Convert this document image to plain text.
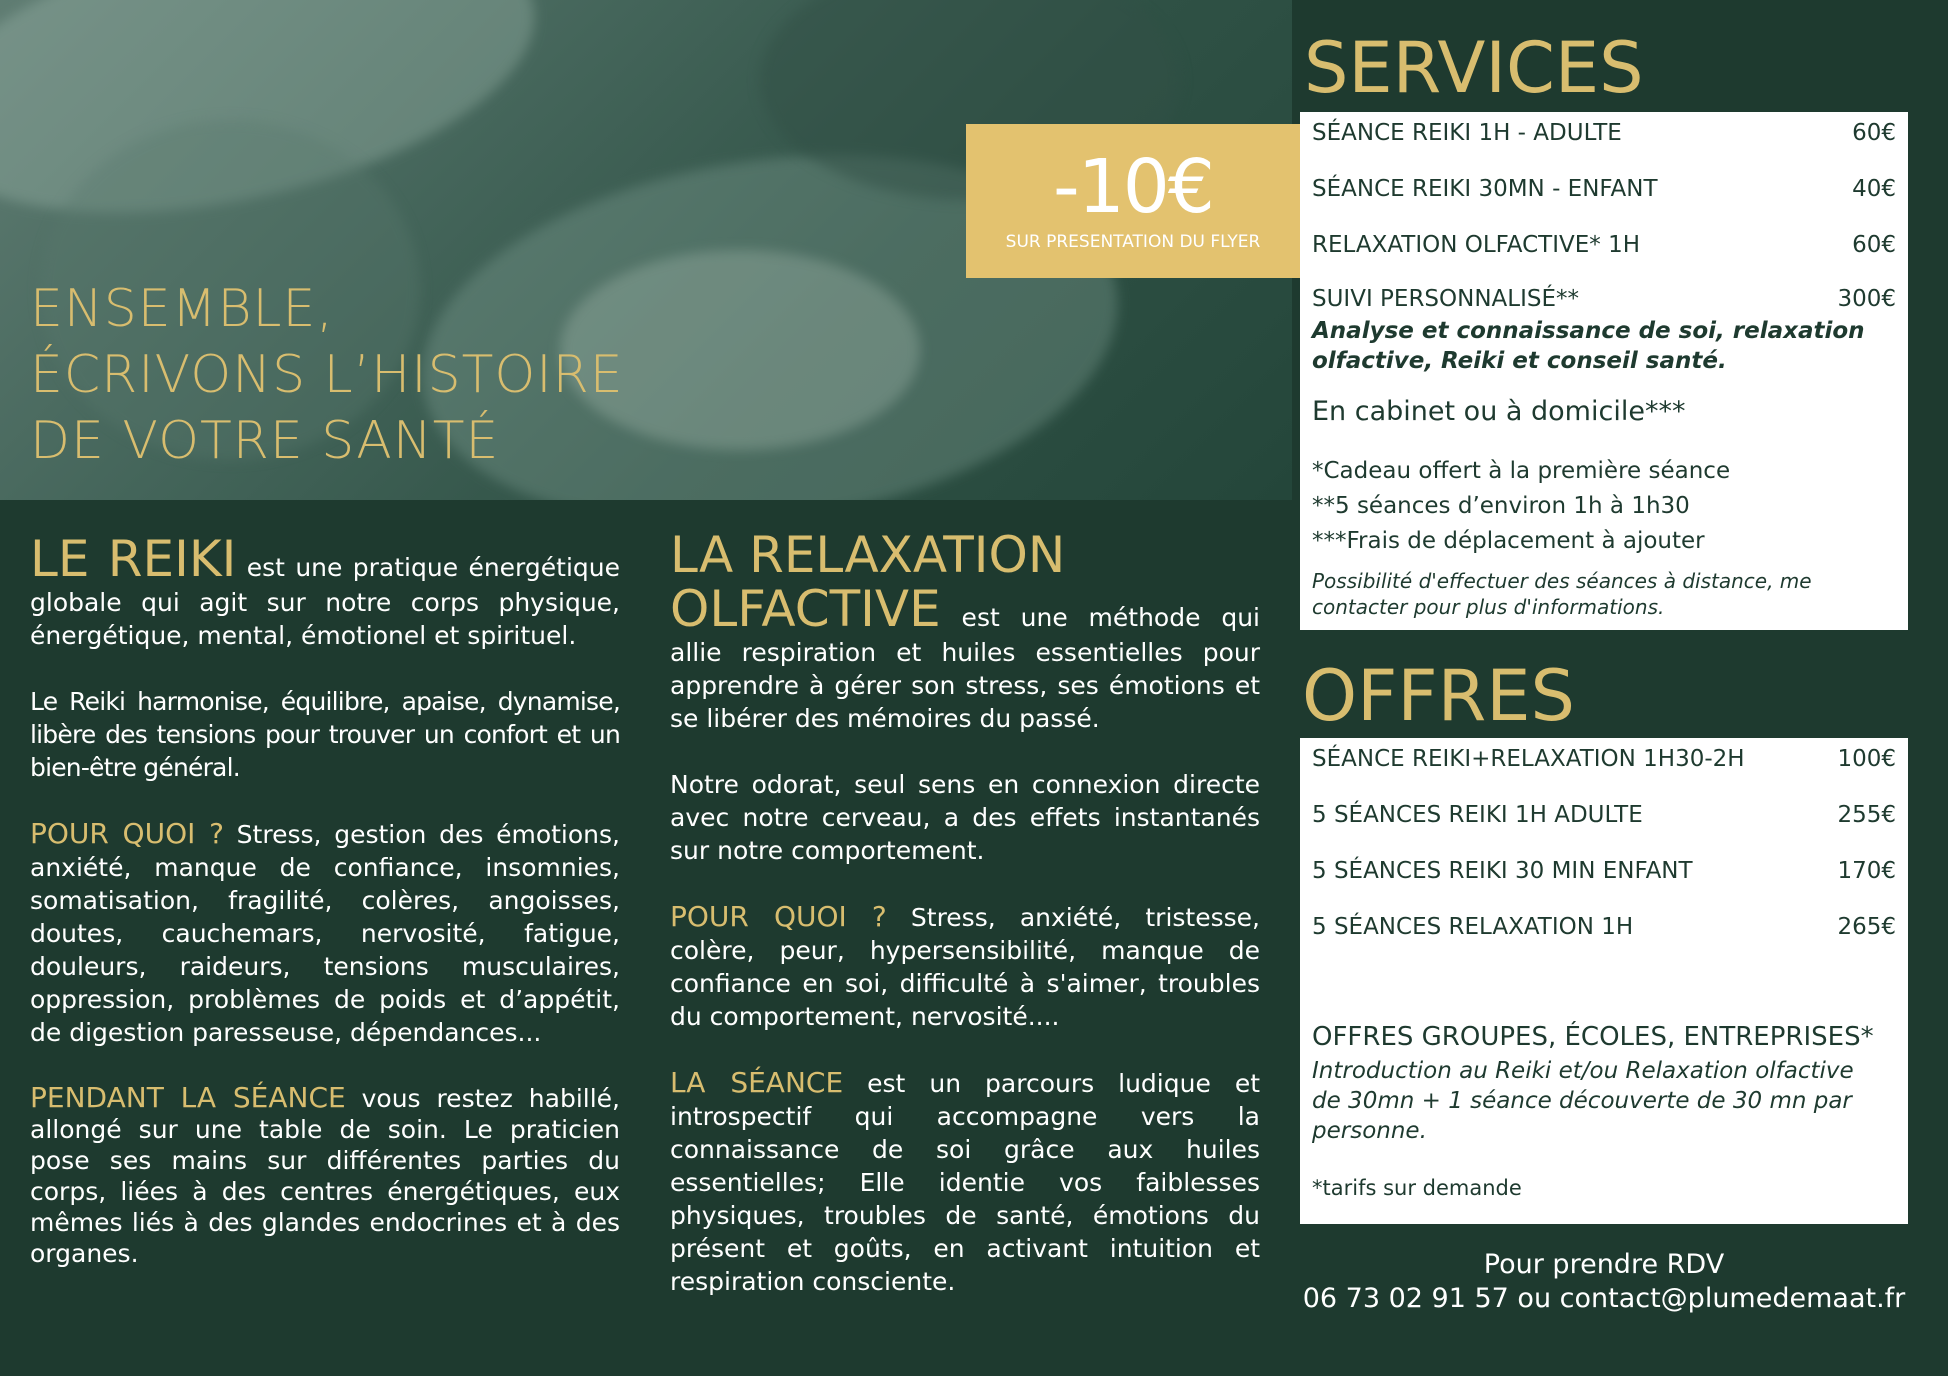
ENSEMBLE,
ÉCRIVONS L’HISTOIRE
DE VOTRE SANTÉ
-10€
SUR PRESENTATION DU FLYER
SERVICES
SÉANCE REIKI 1H - ADULTE	60€
SÉANCE REIKI 30MN - ENFANT	40€
RELAXATION OLFACTIVE* 1H	60€
SUIVI PERSONNALISÉ**	300€
Analyse et connaissance de soi, relaxation olfactive, Reiki et conseil santé.
En cabinet ou à domicile***
*Cadeau offert à la première séance
**5 séances d’environ 1h à 1h30
***Frais de déplacement à ajouter
Possibilité d'effectuer des séances à distance, me contacter pour plus d'informations.
OFFRES
SÉANCE REIKI+RELAXATION 1H30-2H	100€
5 SÉANCES REIKI 1H ADULTE	255€
5 SÉANCES REIKI 30 MIN ENFANT	170€
5 SÉANCES RELAXATION 1H	265€
OFFRES GROUPES, ÉCOLES, ENTREPRISES*
Introduction au Reiki et/ou Relaxation olfactive de 30mn + 1 séance découverte de 30 mn par personne.
*tarifs sur demande
Pour prendre RDV
06 73 02 91 57 ou contact@plumedemaat.fr

LE REIKI est une pratique énergétique globale qui agit sur notre corps physique, énergétique, mental, émotionel et spirituel.

Le Reiki harmonise, équilibre, apaise, dynamise, libère des tensions pour trouver un confort et un bien-être général.

POUR QUOI ? Stress, gestion des émotions, anxiété, manque de confiance, insomnies, somatisation, fragilité, colères, angoisses, doutes, cauchemars, nervosité, fatigue, douleurs, raideurs, tensions musculaires, oppression, problèmes de poids et d’appétit, de digestion paresseuse, dépendances...

PENDANT LA SÉANCE vous restez habillé, allongé sur une table de soin. Le praticien pose ses mains sur différentes parties du corps, liées à des centres énergétiques, eux mêmes liés à des glandes endocrines et à des organes.

LA RELAXATION

OLFACTIVE est une méthode qui allie respiration et huiles essentielles pour apprendre à gérer son stress, ses émotions et se libérer des mémoires du passé.

Notre odorat, seul sens en connexion directe avec notre cerveau, a des effets instantanés sur notre comportement.

POUR QUOI ? Stress, anxiété, tristesse, colère, peur, hypersensibilité, manque de confiance en soi, difficulté à s'aimer, troubles du comportement, nervosité....

LA SÉANCE est un parcours ludique et introspectif qui accompagne vers la connaissance de soi grâce aux huiles essentielles; Elle identie vos faiblesses physiques, troubles de santé, émotions du présent et goûts, en activant intuition et respiration consciente.
